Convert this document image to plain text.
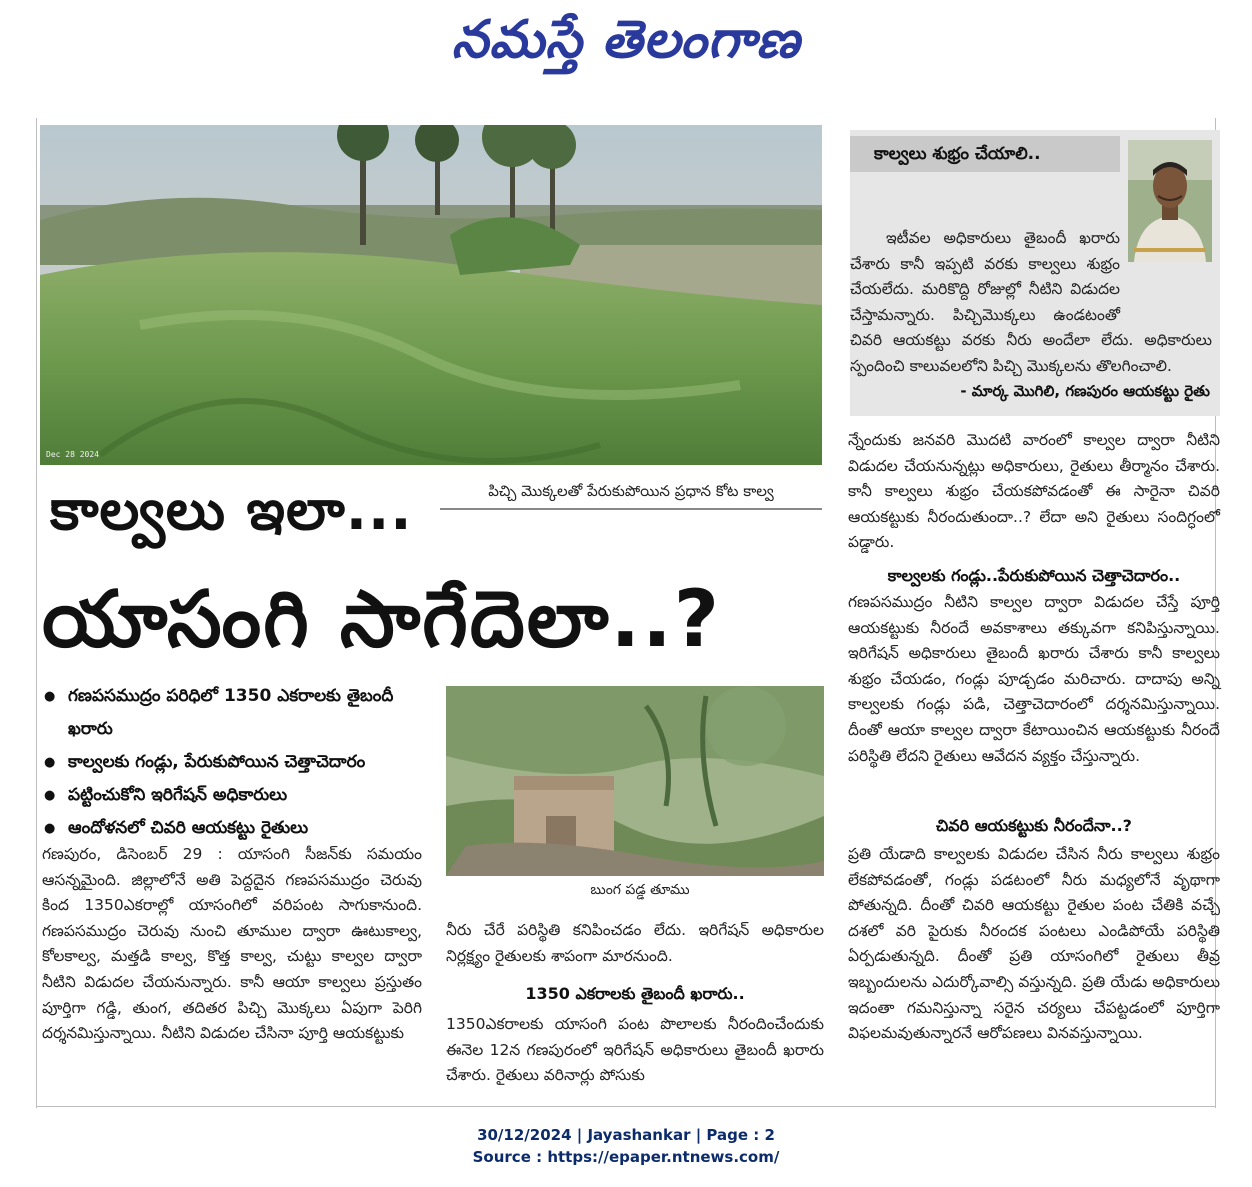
నమస్తే తెలంగాణ
Dec 28 2024
పిచ్చి మొక్కలతో పేరుకుపోయిన ప్రధాన కోట కాల్వ
కాల్వలు ఇలా...
యాసంగి సాగేదెలా..?
● గణపసముద్రం పరిధిలో 1350 ఎకరాలకు తైబందీ ఖరారు
● కాల్వలకు గండ్లు, పేరుకుపోయిన చెత్తాచెదారం
● పట్టించుకోని ఇరిగేషన్ అధికారులు
● ఆందోళనలో చివరి ఆయకట్టు రైతులు
గణపురం, డిసెంబర్ 29 : యాసంగి సీజన్‌కు సమయం ఆసన్నమైంది. జిల్లాలోనే అతి పెద్దదైన గణపసముద్రం చెరువు కింద 1350ఎకరాల్లో యాసంగిలో వరిపంట సాగుకానుంది. గణపసముద్రం చెరువు నుంచి తూముల ద్వారా ఊటుకాల్వ, కోలకాల్వ, మత్తడి కాల్వ, కొత్త కాల్వ, చుట్టు కాల్వల ద్వారా నీటిని విడుదల చేయనున్నారు. కానీ ఆయా కాల్వలు ప్రస్తుతం పూర్తిగా గడ్డి, తుంగ, తదితర పిచ్చి మొక్కలు ఏపుగా పెరిగి దర్శనమిస్తున్నాయి. నీటిని విడుదల చేసినా పూర్తి ఆయకట్టుకు
బుంగ పడ్డ తూము
నీరు చేరే పరిస్థితి కనిపించడం లేదు. ఇరిగేషన్ అధికారుల నిర్లక్ష్యం రైతులకు శాపంగా మారనుంది.
1350 ఎకరాలకు తైబందీ ఖరారు..
1350ఎకరాలకు యాసంగి పంట పొలాలకు నీరందించేందుకు ఈనెల 12న గణపురంలో ఇరిగేషన్ అధికారులు తైబందీ ఖరారు చేశారు. రైతులు వరినార్లు పోసుకు
కాల్వలు శుభ్రం చేయాలి..
ఇటీవల అధికారులు తైబందీ ఖరారు చేశారు కానీ ఇప్పటి వరకు కాల్వలు శుభ్రం చేయలేదు. మరికొద్ది రోజుల్లో నీటిని విడుదల చేస్తామన్నారు. పిచ్చిమొక్కలు ఉండటంతో చివరి ఆయకట్టు వరకు నీరు అందేలా లేదు. అధికారులు స్పందించి కాలువలలోని పిచ్చి మొక్కలను తొలగించాలి.
- మార్క మొగిలి, గణపురం ఆయకట్టు రైతు
న్నేందుకు జనవరి మొదటి వారంలో కాల్వల ద్వారా నీటిని విడుదల చేయనున్నట్లు అధికారులు, రైతులు తీర్మానం చేశారు. కానీ కాల్వలు శుభ్రం చేయకపోవడంతో ఈ సారైనా చివరి ఆయకట్టుకు నీరందుతుందా..? లేదా అని రైతులు సందిగ్ధంలో పడ్డారు.
కాల్వలకు గండ్లు..పేరుకుపోయిన చెత్తాచెదారం..
గణపసముద్రం నీటిని కాల్వల ద్వారా విడుదల చేస్తే పూర్తి ఆయకట్టుకు నీరందే అవకాశాలు తక్కువగా కనిపిస్తున్నాయి. ఇరిగేషన్ అధికారులు తైబందీ ఖరారు చేశారు కానీ కాల్వలు శుభ్రం చేయడం, గండ్లు పూడ్చడం మరిచారు. దాదాపు అన్ని కాల్వలకు గండ్లు పడి, చెత్తాచెదారంలో దర్శనమిస్తున్నాయి. దీంతో ఆయా కాల్వల ద్వారా కేటాయించిన ఆయకట్టుకు నీరందే పరిస్థితి లేదని రైతులు ఆవేదన వ్యక్తం చేస్తున్నారు.
చివరి ఆయకట్టుకు నీరందేనా..?
ప్రతి యేడాది కాల్వలకు విడుదల చేసిన నీరు కాల్వలు శుభ్రం లేకపోవడంతో, గండ్లు పడటంలో నీరు మధ్యలోనే వృథాగా పోతున్నది. దీంతో చివరి ఆయకట్టు రైతుల పంట చేతికి వచ్చే దశలో వరి పైరుకు నీరందక పంటలు ఎండిపోయే పరిస్థితి ఏర్పడుతున్నది. దీంతో ప్రతి యాసంగిలో రైతులు తీవ్ర ఇబ్బందులను ఎదుర్కోవాల్సి వస్తున్నది. ప్రతి యేడు అధికారులు ఇదంతా గమనిస్తున్నా సరైన చర్యలు చేపట్టడంలో పూర్తిగా విఫలమవుతున్నారనే ఆరోపణలు వినవస్తున్నాయి.
30/12/2024 | Jayashankar | Page : 2
Source : https://epaper.ntnews.com/
